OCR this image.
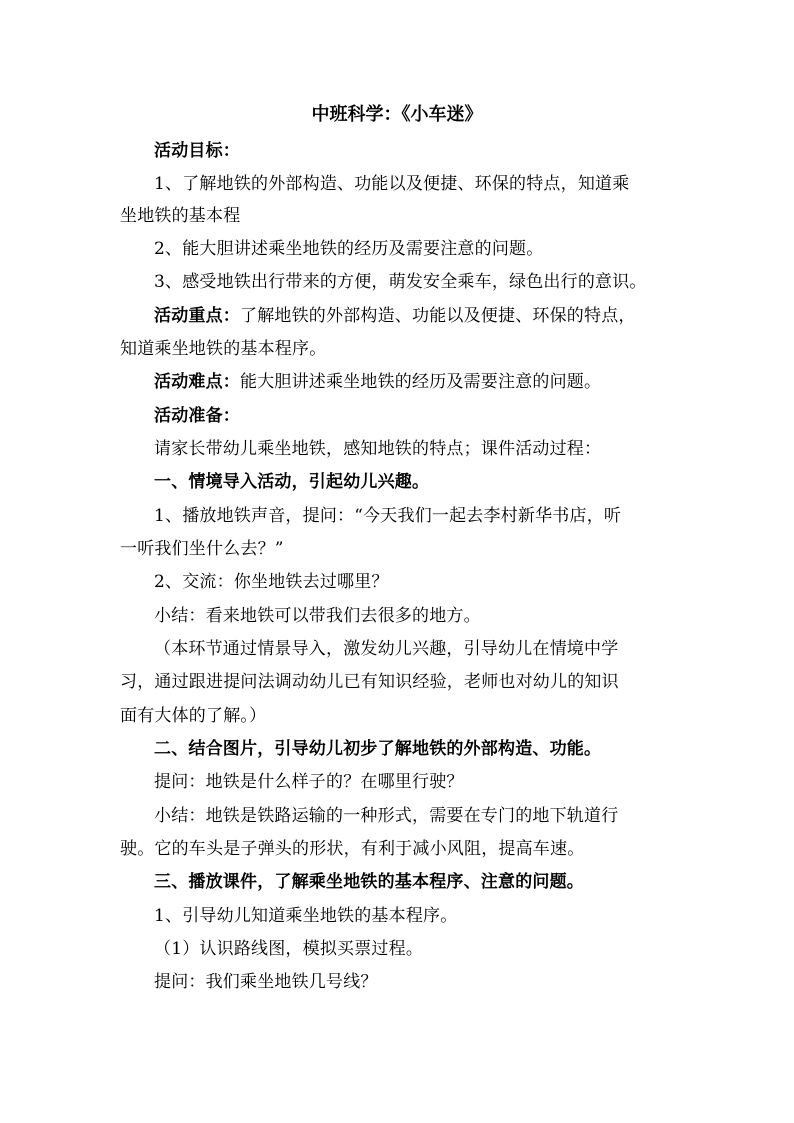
中班科学：《小车迷》
活动目标：
1、了解地铁的外部构造、功能以及便捷、环保的特点，知道乘
坐地铁的基本程
2、能大胆讲述乘坐地铁的经历及需要注意的问题。
3、感受地铁出行带来的方便，萌发安全乘车，绿色出行的意识。
活动重点：了解地铁的外部构造、功能以及便捷、环保的特点，
知道乘坐地铁的基本程序。
活动难点：能大胆讲述乘坐地铁的经历及需要注意的问题。
活动准备：
请家长带幼儿乘坐地铁，感知地铁的特点；课件活动过程：
一、情境导入活动，引起幼儿兴趣。
1、播放地铁声音，提问：“今天我们一起去李村新华书店，听
一听我们坐什么去？”
2、交流：你坐地铁去过哪里？
小结：看来地铁可以带我们去很多的地方。
（本环节通过情景导入，激发幼儿兴趣，引导幼儿在情境中学
习，通过跟进提问法调动幼儿已有知识经验，老师也对幼儿的知识
面有大体的了解。）
二、结合图片，引导幼儿初步了解地铁的外部构造、功能。
提问：地铁是什么样子的？在哪里行驶？
小结：地铁是铁路运输的一种形式，需要在专门的地下轨道行
驶。它的车头是子弹头的形状，有利于减小风阻，提高车速。
三、播放课件，了解乘坐地铁的基本程序、注意的问题。
1、引导幼儿知道乘坐地铁的基本程序。
（1）认识路线图，模拟买票过程。
提问：我们乘坐地铁几号线？
